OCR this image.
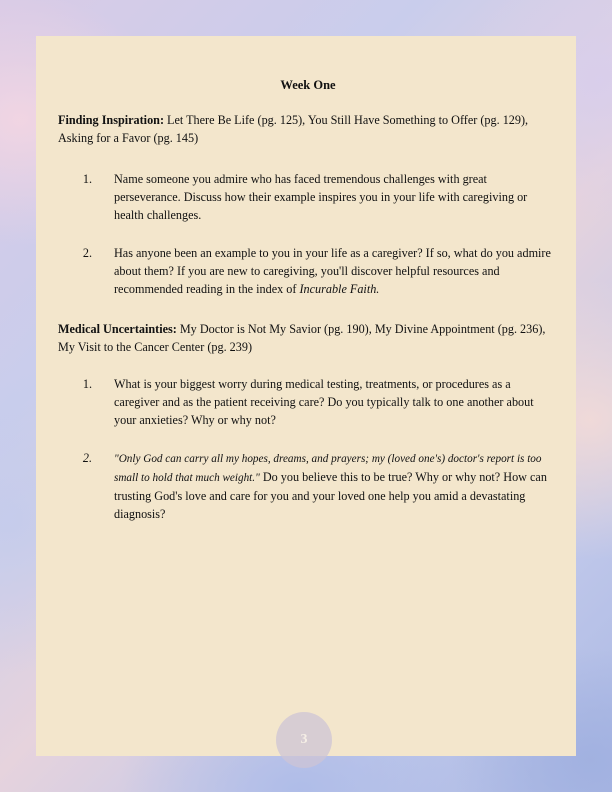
Week One
Finding Inspiration: Let There Be Life (pg. 125), You Still Have Something to Offer (pg. 129), Asking for a Favor (pg. 145)
1. Name someone you admire who has faced tremendous challenges with great perseverance. Discuss how their example inspires you in your life with caregiving or health challenges.
2. Has anyone been an example to you in your life as a caregiver? If so, what do you admire about them? If you are new to caregiving, you'll discover helpful resources and recommended reading in the index of Incurable Faith.
Medical Uncertainties: My Doctor is Not My Savior (pg. 190), My Divine Appointment (pg. 236), My Visit to the Cancer Center (pg. 239)
1. What is your biggest worry during medical testing, treatments, or procedures as a caregiver and as the patient receiving care? Do you typically talk to one another about your anxieties? Why or why not?
2. "Only God can carry all my hopes, dreams, and prayers; my (loved one's) doctor's report is too small to hold that much weight." Do you believe this to be true? Why or why not? How can trusting God's love and care for you and your loved one help you amid a devastating diagnosis?
3
